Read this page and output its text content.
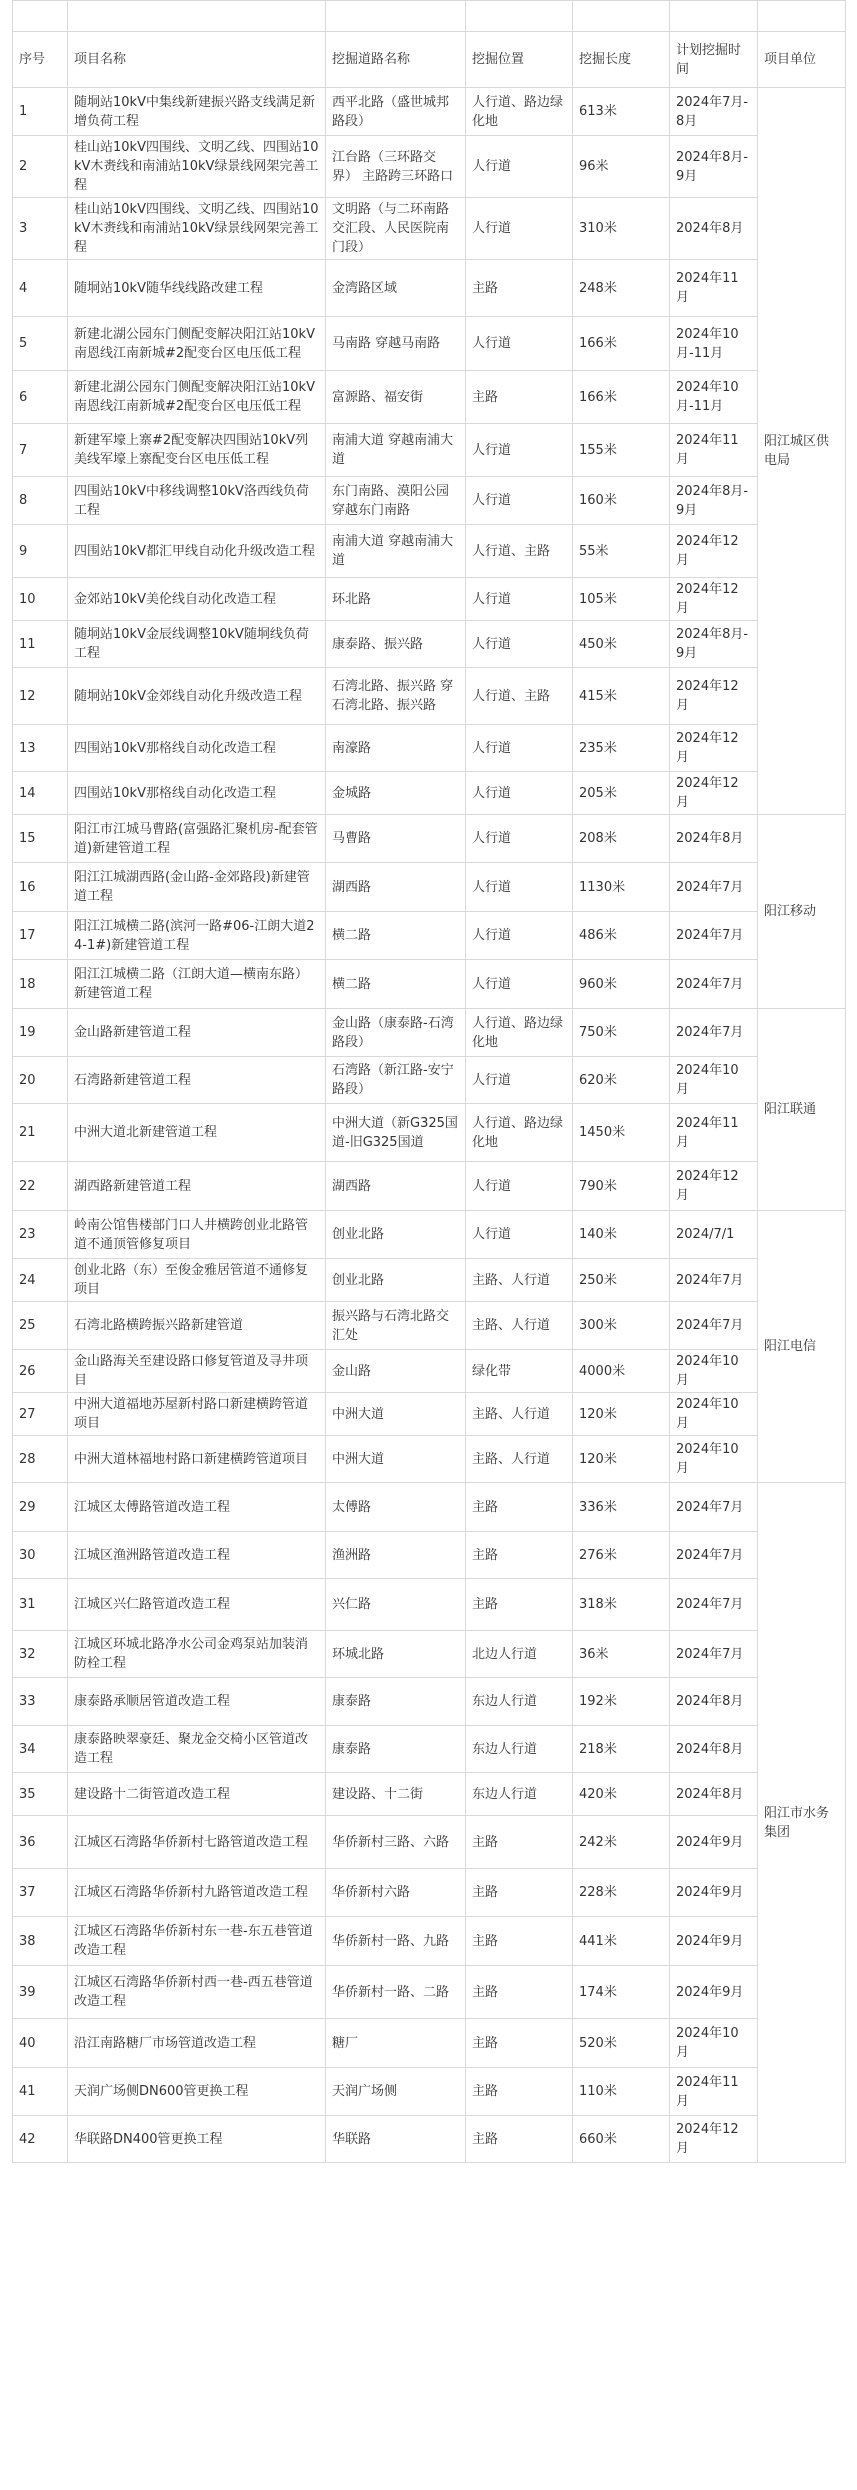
序号	项目名称	挖掘道路名称	挖掘位置	挖掘长度	计划挖掘时间	项目单位
1	随垌站10kV中集线新建振兴路支线满足新增负荷工程	西平北路（盛世城邦路段）	人行道、路边绿化地	613米	2024年7月-8月	阳江城区供电局
2	桂山站10kV四围线、文明乙线、四围站10kV木赉线和南浦站10kV绿景线网架完善工程	江台路（三环路交界） 主路跨三环路口	人行道	96米	2024年8月-9月	
3	桂山站10kV四围线、文明乙线、四围站10kV木赉线和南浦站10kV绿景线网架完善工程	文明路（与二环南路交汇段、人民医院南门段）	人行道	310米	2024年8月	
4	随垌站10kV随华线线路改建工程	金湾路区域	主路	248米	2024年11月	
5	新建北湖公园东门侧配变解决阳江站10kV南恩线江南新城#2配变台区电压低工程	马南路 穿越马南路	人行道	166米	2024年10月-11月	
6	新建北湖公园东门侧配变解决阳江站10kV南恩线江南新城#2配变台区电压低工程	富源路、福安街	主路	166米	2024年10月-11月	
7	新建军壕上寨#2配变解决四围站10kV列美线军壕上寨配变台区电压低工程	南浦大道 穿越南浦大道	人行道	155米	2024年11月	
8	四围站10kV中移线调整10kV洛西线负荷工程	东门南路、漠阳公园 穿越东门南路	人行道	160米	2024年8月-9月	
9	四围站10kV都汇甲线自动化升级改造工程	南浦大道 穿越南浦大道	人行道、主路	55米	2024年12月	
10	金郊站10kV美伦线自动化改造工程	环北路	人行道	105米	2024年12月	
11	随垌站10kV金辰线调整10kV随垌线负荷工程	康泰路、振兴路	人行道	450米	2024年8月-9月	
12	随垌站10kV金郊线自动化升级改造工程	石湾北路、振兴路 穿石湾北路、振兴路	人行道、主路	415米	2024年12月	
13	四围站10kV那格线自动化改造工程	南濠路	人行道	235米	2024年12月	
14	四围站10kV那格线自动化改造工程	金城路	人行道	205米	2024年12月	
15	阳江市江城马曹路(富强路汇聚机房-配套管道)新建管道工程	马曹路	人行道	208米	2024年8月	阳江移动
16	阳江江城湖西路(金山路-金郊路段)新建管道工程	湖西路	人行道	1130米	2024年7月	
17	阳江江城横二路(滨河一路#06-江朗大道24-1#)新建管道工程	横二路	人行道	486米	2024年7月	
18	阳江江城横二路（江朗大道—横南东路）新建管道工程	横二路	人行道	960米	2024年7月	
19	金山路新建管道工程	金山路（康泰路-石湾路段）	人行道、路边绿化地	750米	2024年7月	阳江联通
20	石湾路新建管道工程	石湾路（新江路-安宁路段）	人行道	620米	2024年10月	
21	中洲大道北新建管道工程	中洲大道（新G325国道-旧G325国道	人行道、路边绿化地	1450米	2024年11月	
22	湖西路新建管道工程	湖西路	人行道	790米	2024年12月	
23	岭南公馆售楼部门口人井横跨创业北路管道不通顶管修复项目	创业北路	人行道	140米	2024/7/1	阳江电信
24	创业北路（东）至俊金雅居管道不通修复项目	创业北路	主路、人行道	250米	2024年7月	
25	石湾北路横跨振兴路新建管道	振兴路与石湾北路交汇处	主路、人行道	300米	2024年7月	
26	金山路海关至建设路口修复管道及寻井项目	金山路	绿化带	4000米	2024年10月	
27	中洲大道福地苏屋新村路口新建横跨管道项目	中洲大道	主路、人行道	120米	2024年10月	
28	中洲大道林福地村路口新建横跨管道项目	中洲大道	主路、人行道	120米	2024年10月	
29	江城区太傅路管道改造工程	太傅路	主路	336米	2024年7月	阳江市水务集团
30	江城区渔洲路管道改造工程	渔洲路	主路	276米	2024年7月	
31	江城区兴仁路管道改造工程	兴仁路	主路	318米	2024年7月	
32	江城区环城北路净水公司金鸡泵站加装消防栓工程	环城北路	北边人行道	36米	2024年7月	
33	康泰路承顺居管道改造工程	康泰路	东边人行道	192米	2024年8月	
34	康泰路映翠豪廷、聚龙金交椅小区管道改造工程	康泰路	东边人行道	218米	2024年8月	
35	建设路十二街管道改造工程	建设路、十二街	东边人行道	420米	2024年8月	
36	江城区石湾路华侨新村七路管道改造工程	华侨新村三路、六路	主路	242米	2024年9月	
37	江城区石湾路华侨新村九路管道改造工程	华侨新村六路	主路	228米	2024年9月	
38	江城区石湾路华侨新村东一巷-东五巷管道改造工程	华侨新村一路、九路	主路	441米	2024年9月	
39	江城区石湾路华侨新村西一巷-西五巷管道改造工程	华侨新村一路、二路	主路	174米	2024年9月	
40	沿江南路糖厂市场管道改造工程	糖厂	主路	520米	2024年10月	
41	天润广场侧DN600管更换工程	天润广场侧	主路	110米	2024年11月	
42	华联路DN400管更换工程	华联路	主路	660米	2024年12月	
